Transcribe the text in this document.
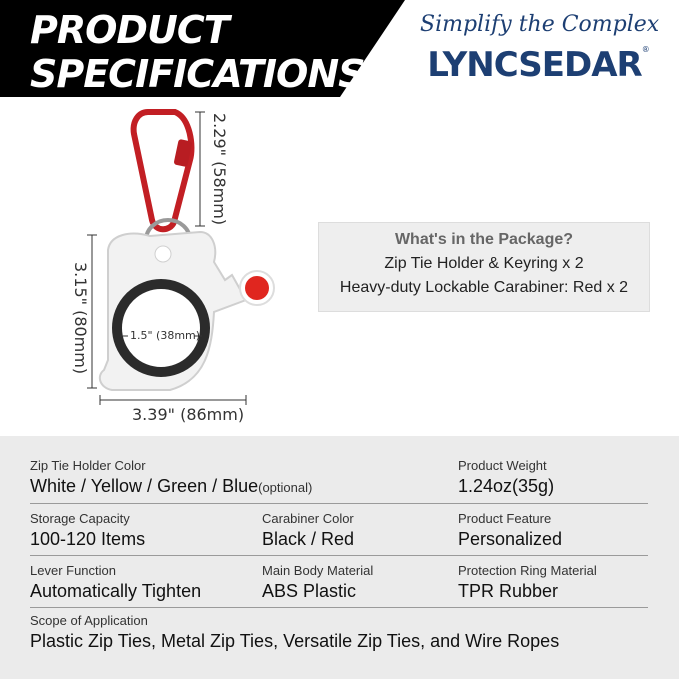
PRODUCT
SPECIFICATIONS
Simplify the Complex
LYNCSEDAR®
2.29" (58mm)
3.15" (80mm)
3.39" (86mm)
1.5" (38mm)
What's in the Package?
Zip Tie Holder & Keyring x 2
Heavy-duty Lockable Carabiner: Red x 2
Zip Tie Holder Color
White / Yellow / Green / Blue(optional)
Product Weight
1.24oz(35g)
Storage Capacity
100-120 Items
Carabiner Color
Black / Red
Product Feature
Personalized
Lever Function
Automatically Tighten
Main Body Material
ABS Plastic
Protection Ring Material
TPR Rubber
Scope of Application
Plastic Zip Ties, Metal Zip Ties, Versatile Zip Ties, and Wire Ropes
